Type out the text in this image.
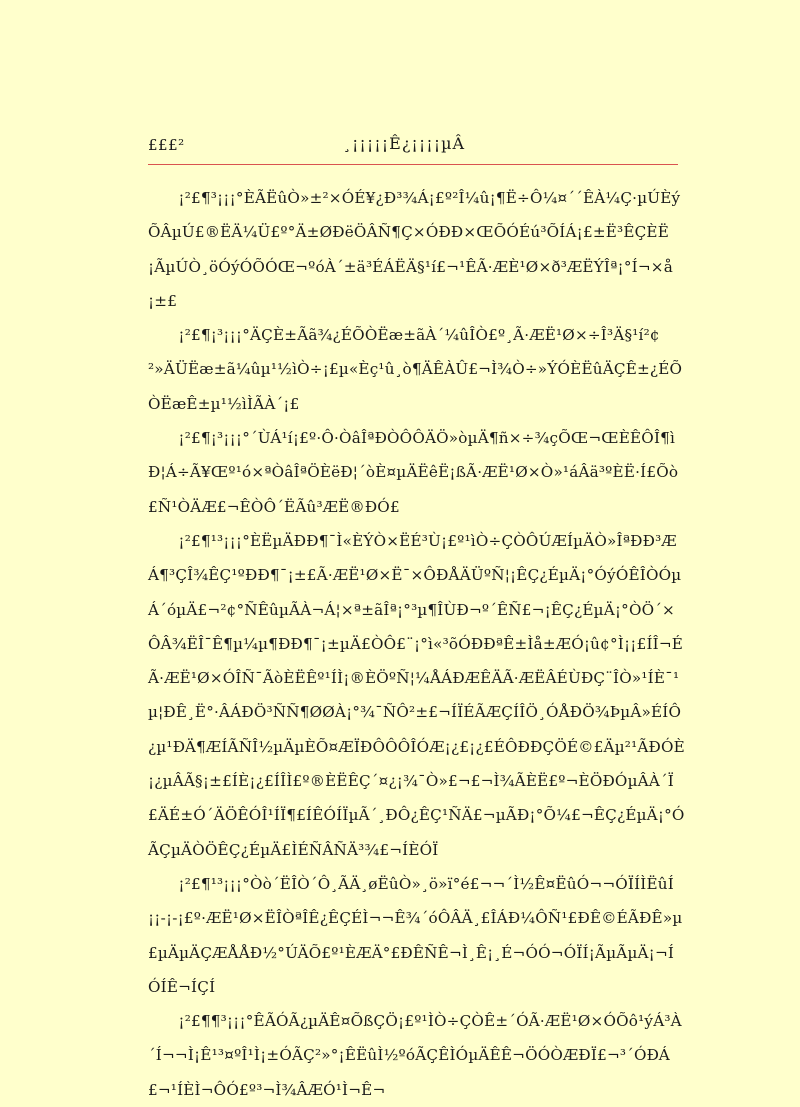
£££²	¸¡¡¡¡¡Ê¿¡¡¡¡µÂ

¡²£¶³¡¡¡°ÈÃËûÒ»±²×ÓÉ¥¿Ð³¾Á¡£º²Î¼û¡¶Ë÷Ô¼¤´´ÊÀ¼Ç·µÚÈýÕÂµÚ£®ËÄ¼Ü£º°Ä±ØÐëÖÂÑ¶Ç×ÓÐÐ×ŒÕÓÉú³ÕÍÁ¡£±Ë³ÊÇÈË¡ÃµÚÒ¸öÓýÓÕÓŒ¬ºóÀ´±ä³ÉÁËÄ§¹í£¬¹ÊÃ·ÆÈ¹Ø×ð³ÆËÝÎª¡°Í¬×å¡±£

¡²£¶¡³¡¡¡°ÄÇÈ±Ãã¾¿ÉÕÒËæ±ãÀ´¼ûÎÒ£º¸Ã·ÆË¹Ø×÷Î³Ä§¹í²¢²»ÄÜËæ±ã¼ûµ¹½ìÒ÷¡£µ«Èç¹û¸ò¶ÄÊÀÛ£¬Ì¾Ò÷»ÝÓÈËûÄÇÊ±¿ÉÕÒËæÊ±µ¹½ìÌÃÀ´¡£

¡²£¶¡³¡¡¡°´ÙÁ¹í¡£º·Ô·ÒâÎªÐÒÔÔÄÖ»òµÄ¶ñ×÷¾çÕŒ¬ŒÈÊÔÎ¶ìÐ¦Á÷Ã¥Œº¹ó×ªÒâÎªÖÈëÐ¦´òÈ¤µÄËêË¡ßÃ·ÆË¹Ø×Ò»¹áÂä³ºÈË·Í£Õò£Ñ¹ÒÄÆ£¬ÊÒÔ´ËÃû³ÆË®ÐÓ£

¡²£¶¹³¡¡¡°ÈËµÄÐÐ¶¯Ì«ÈÝÒ×ËÉ³Ù¡£º¹ìÒ÷ÇÒÔÚÆÍµÄÒ»ÎªÐÐ³ÆÁ¶³ÇÎ¾ÊÇ¹ºÐÐ¶¯¡±£Ã·ÆË¹Ø×Ë¯×ÔÐÅÄÜºÑ¦¡ÊÇ¿ÉµÄ¡°ÓýÓÊÎÒÓµÁ´óµÄ£¬²¢°ÑÊûµÃÀ¬Á¦×ª±ãÎª¡°³µ¶ÎÙÐ¬º´ÊÑ£¬¡ÊÇ¿ÉµÄ¡°ÒÖ´×ÔÂ¾ËÎ¯Ê¶µ¼µ¶ÐÐ¶¯¡±µÄ£ÒÔ£¨¡°ì«³õÓÐÐªÊ±Ìå±ÆÓ¡û¢°Ì¡¡£ÍÎ¬ÉÃ·ÆË¹Ø×ÓÎÑ¯ÃòÈËÊº¹ÍÌ¡®ÈÖºÑ¦¼ÅÁÐÆÊÄÃ·ÆËÂÉÙÐÇ¨ÎÒ»¹ÍÈ¯¹µ¦ÐÊ¸Ë°·ÂÁÐÖ³ÑÑ¶ØØÀ¡°¾¯ÑÔ²±£¬ÍÏÉÃÆÇÍÎÖ¸ÓÅÐÖ¾ÞµÂ»ÉÍÔ¿µ¹ÐÄ¶ÆÍÃÑÎ½µÄµÈÕ¤ÆÏÐÔÔÔÎÓÆ¡¿£¡¿£ÉÔÐÐÇÖÉ©£Äµ²¹ÃÐÓÈ¡¿µÂÃ§¡±£ÍÈ¡¿£ÍÎÌ£º®ÈËÊÇ´¤¿¡¾¯Ò»£¬£¬Ì¾ÃÈË£º¬ÈÖÐÓµÂÀ´Ï£ÄÉ±Ó´ÄÖÊÓÎ¹ÍÏ¶£ÍÊÓÍÏµÃ´¸ÐÔ¿ÊÇ¹ÑÄ£¬µÃÐ¡°Õ¼£¬ÊÇ¿ÉµÄ¡°ÓÃÇµÄÒÖÊÇ¿ÉµÄ£ÌÉÑÂÑÄ³¾£¬ÍÈÓÏ

¡²£¶¹³¡¡¡°Òò´ËÎÒ´Ô¸ÃÄ¸øËûÒ»¸ö»ï°é£¬¬´Ì½Ê¤ËûÓ¬¬ÓÏÍÌËûÍ¡¡-¡-¡£º·ÆË¹Ø×ËÎÒªÎÊ¿ÊÇÉÌ¬¬Ê¾´óÔÂÄ¸£ÎÁÐ¼ÔÑ¹£ÐÊ©ÉÃÐÊ»µ£µÄµÄÇÆÅÅÐ½°ÚÄÕ£º¹ÈÆÄ°£ÐÊÑÊ¬Ì¸Ê¡¸É¬ÓÓ¬ÓÏÍ¡ÃµÃµÄ¡¬ÍÓÍÊ¬ÍÇÍ

¡²£¶¶³¡¡¡°ÊÃÓÃ¿µÄÊ¤ÕßÇÖ¡£º¹ÌÒ÷ÇÒÊ±´ÓÃ·ÆË¹Ø×ÓÕô¹ýÁ³À´Í¬¬Ì¡Ê¹³¤ºÎ¹Ì¡±ÓÃÇ²»°¡ÊËûÌ½ºóÃÇÊÌÓµÄÊÊ¬ÖÓÒÆÐÏ£¬³´ÓÐÁ£¬¹ÍÈÌ¬ÔÓ£º³¬Ì¾ÂÆÓ¹Ì¬Ê¬
